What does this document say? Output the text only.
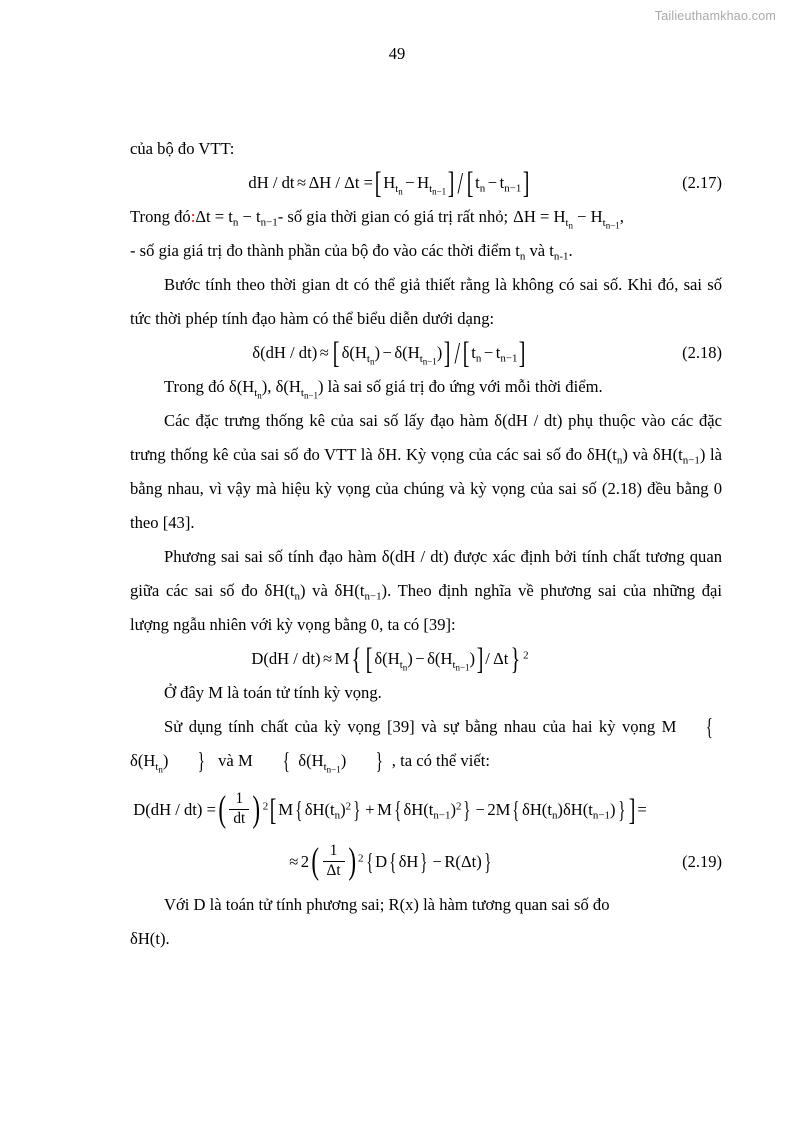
Tailieuthamkhao.com
49

của bộ đo VTT:

dH / dt ≈ ΔH / Δt =[ $H_{t_n} - H_{t_{n-1}}$] / [ $t_n - t_{n-1}$]	(2.17)

Trong đó:Δt = $t_n - t_{n-1}-$ số gia thời gian có giá trị rất nhỏ; $\Delta H = H_{t_n} - H_{t_{n-1}}$,

- số gia giá trị đo thành phần của bộ đo vào các thời điểm $t_n$ và $t_{n-1}$.

Bước tính theo thời gian dt có thể giả thiết rằng là không có sai số. Khi đó, sai số tức thời phép tính đạo hàm có thể biểu diễn dưới dạng:

δ(dH / dt) ≈ [ $\delta(H_{t_n}) - \delta(H_{t_{n-1}})$] / [ $t_n - t_{n-1}$]	(2.18)

Trong đó $\delta(H_{t_n})$, $\delta(H_{t_{n-1}})$ là sai số giá trị đo ứng với mỗi thời điểm.

Các đặc trưng thống kê của sai số lấy đạo hàm δ(dH / dt) phụ thuộc vào các đặc trưng thống kê của sai số đo VTT là δH. Kỳ vọng của các sai số đo $\delta H(t_n)$ và $\delta H(t_{n-1})$ là bằng nhau, vì vậy mà hiệu kỳ vọng của chúng và kỳ vọng của sai số (2.18) đều bằng 0 theo [43].

Phương sai sai số tính đạo hàm δ(dH / dt) được xác định bởi tính chất tương quan giữa các sai số đo $\delta H(t_n)$ và $\delta H(t_{n-1})$. Theo định nghĩa về phương sai của những đại lượng ngẫu nhiên với kỳ vọng bằng 0, ta có [39]:

D(dH / dt) ≈ M{ [ $\delta(H_{t_n}) - \delta(H_{t_{n-1}})] / \Delta t$} $^2$

Ở đây M là toán tử tính kỳ vọng.

Sử dụng tính chất của kỳ vọng [39] và sự bằng nhau của hai kỳ vọng M {$\delta(H_{t_n})$ } và M { $\delta(H_{t_{n-1}})$ } , ta có thể viết:

D(dH / dt) =( $\frac{1}{dt}$ ) $^2$[ M{ $\delta H(t_n)^2\} + M${ $\delta H(t_{n-1})^2\} - 2M${ $\delta H(t_n)\delta H(t_{n-1})$} ] =
≈ $2( \frac{1}{\Delta t}$ ) $^2${ D{ δH} − R(Δt)}	(2.19)

Với D là toán tử tính phương sai; R(x) là hàm tương quan sai số đo

δH(t).
